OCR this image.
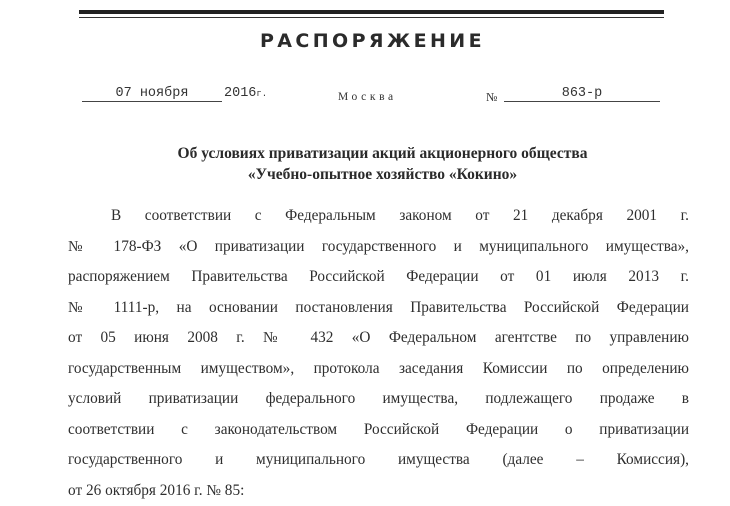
РАСПОРЯЖЕНИЕ
07 ноября	2016г.	Москва	№	863-р
Об условиях приватизации акций акционерного общества
«Учебно-опытное хозяйство «Кокино»
В соответствии с Федеральным законом от 21 декабря 2001 г.
№ 178-ФЗ «О приватизации государственного и муниципального имущества»,
распоряжением Правительства Российской Федерации от 01 июля 2013 г.
№ 1111-р, на основании постановления Правительства Российской Федерации
от 05 июня 2008 г. № 432 «О Федеральном агентстве по управлению
государственным имуществом», протокола заседания Комиссии по определению
условий приватизации федерального имущества, подлежащего продаже в
соответствии с законодательством Российской Федерации о приватизации
государственного и муниципального имущества (далее – Комиссия),
от 26 октября 2016 г. № 85:
